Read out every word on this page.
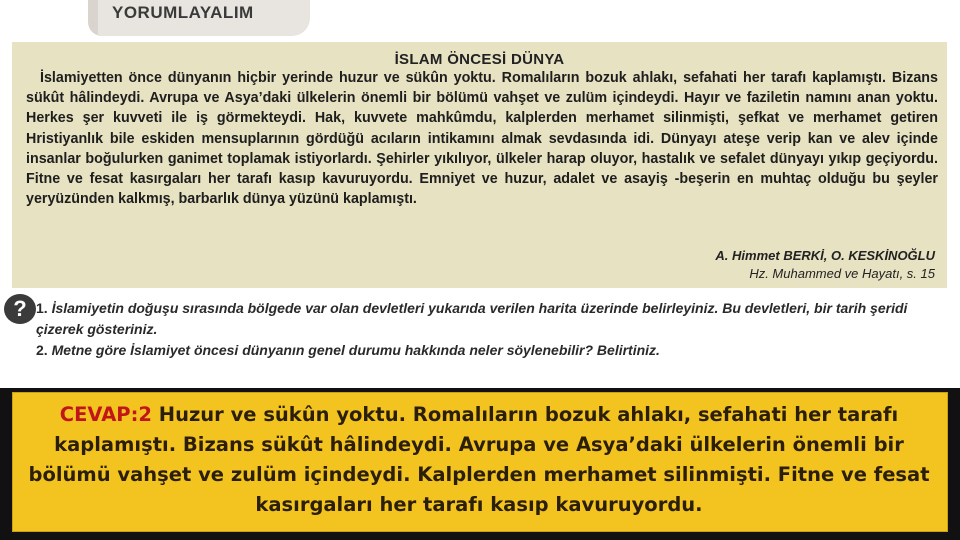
YORUMLAYALIM
İSLAM ÖNCESİ DÜNYA
İslamiyetten önce dünyanın hiçbir yerinde huzur ve sükûn yoktu. Romalıların bozuk ahlakı, sefahati her tarafı kaplamıştı. Bizans sükût hâlindeydi. Avrupa ve Asya’daki ülkelerin önemli bir bölümü vahşet ve zulüm içindeydi. Hayır ve faziletin namını anan yoktu. Herkes şer kuvveti ile iş görmekteydi. Hak, kuvvete mahkûmdu, kalplerden merhamet silinmişti, şefkat ve merhamet getiren Hristiyanlık bile eskiden mensuplarının gördüğü acıların intikamını almak sevdasında idi. Dünyayı ateşe verip kan ve alev içinde insanlar boğulurken ganimet toplamak istiyorlardı. Şehirler yıkılıyor, ülkeler harap oluyor, hastalık ve sefalet dünyayı yıkıp geçiyordu. Fitne ve fesat kasırgaları her tarafı kasıp kavuruyordu. Emniyet ve huzur, adalet ve asayiş -beşerin en muhtaç olduğu bu şeyler yeryüzünden kalkmış, barbarlık dünya yüzünü kaplamıştı.
A. Himmet BERKİ, O. KESKİNOĞLU
Hz. Muhammed ve Hayatı, s. 15
? 1. İslamiyetin doğuşu sırasında bölgede var olan devletleri yukarıda verilen harita üzerinde belirleyiniz. Bu devletleri, bir tarih şeridi çizerek gösteriniz.
2. Metne göre İslamiyet öncesi dünyanın genel durumu hakkında neler söylenebilir? Belirtiniz.
CEVAP:2 Huzur ve sükûn yoktu. Romalıların bozuk ahlakı, sefahati her tarafı kaplamıştı. Bizans sükût hâlindeydi. Avrupa ve Asya’daki ülkelerin önemli bir bölümü vahşet ve zulüm içindeydi. Kalplerden merhamet silinmişti. Fitne ve fesat kasırgaları her tarafı kasıp kavuruyordu.
